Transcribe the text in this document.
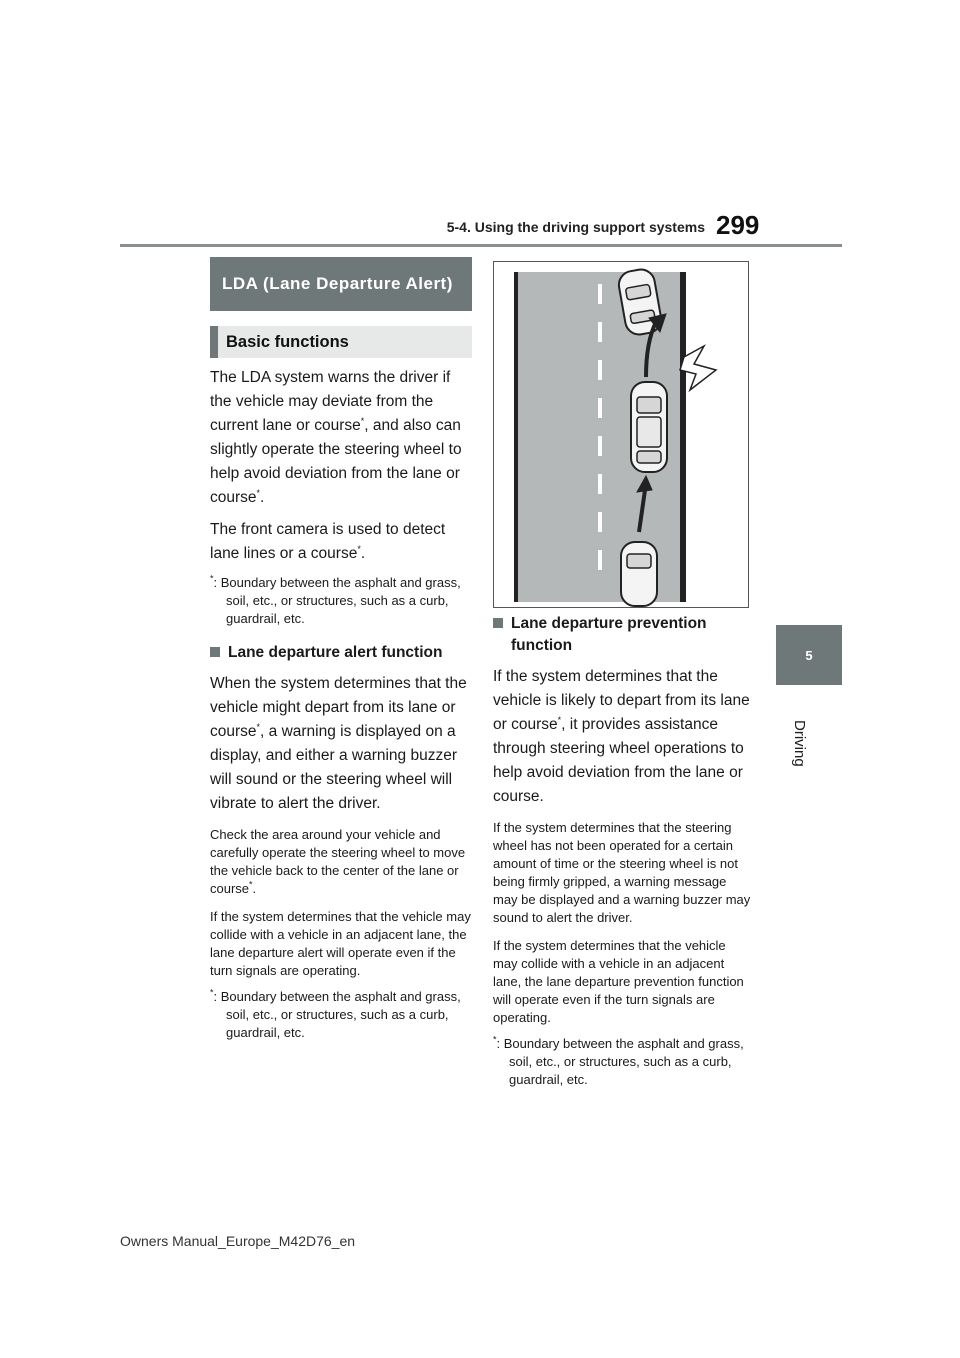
5-4. Using the driving support systems 299
5
Driving
LDA (Lane Departure Alert)
Basic functions

The LDA system warns the driver if the vehicle may deviate from the current lane or course*, and also can slightly operate the steering wheel to help avoid deviation from the lane or course*.

The front camera is used to detect lane lines or a course*.

*: Boundary between the asphalt and grass, soil, etc., or structures, such as a curb, guardrail, etc.

Lane departure alert function

When the system determines that the vehicle might depart from its lane or course*, a warning is displayed on a display, and either a warning buzzer will sound or the steering wheel will vibrate to alert the driver.

Check the area around your vehicle and carefully operate the steering wheel to move the vehicle back to the center of the lane or course*.

If the system determines that the vehicle may collide with a vehicle in an adjacent lane, the lane departure alert will operate even if the turn signals are operating.

*: Boundary between the asphalt and grass, soil, etc., or structures, such as a curb, guardrail, etc.

Lane departure prevention function

If the system determines that the vehicle is likely to depart from its lane or course*, it provides assistance through steering wheel operations to help avoid deviation from the lane or course.

If the system determines that the steering wheel has not been operated for a certain amount of time or the steering wheel is not being firmly gripped, a warning message may be displayed and a warning buzzer may sound to alert the driver.

If the system determines that the vehicle may collide with a vehicle in an adjacent lane, the lane departure prevention function will operate even if the turn signals are operating.

*: Boundary between the asphalt and grass, soil, etc., or structures, such as a curb, guardrail, etc.

Owners Manual_Europe_M42D76_en
